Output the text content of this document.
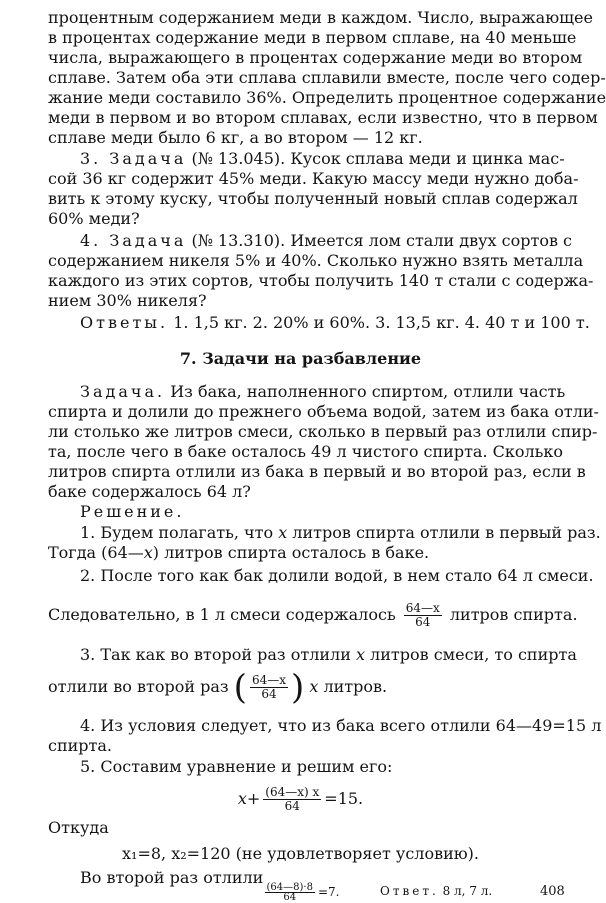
процентным содержанием меди в каждом. Число, выражающее
в процентах содержание меди в первом сплаве, на 40 меньше
числа, выражающего в процентах содержание меди во втором
сплаве. Затем оба эти сплава сплавили вместе, после чего содер-
жание меди составило 36%. Определить процентное содержание
меди в первом и во втором сплавах, если известно, что в первом
сплаве меди было 6 кг, а во втором — 12 кг.
3. Задача (№ 13.045). Кусок сплава меди и цинка мас-
сой 36 кг содержит 45% меди. Какую массу меди нужно доба-
вить к этому куску, чтобы полученный новый сплав содержал
60% меди?
4. Задача (№ 13.310). Имеется лом стали двух сортов с
содержанием никеля 5% и 40%. Сколько нужно взять металла
каждого из этих сортов, чтобы получить 140 т стали с содержа-
нием 30% никеля?
Ответы. 1. 1,5 кг. 2. 20% и 60%. 3. 13,5 кг. 4. 40 т и 100 т.
7. Задачи на разбавление
Задача. Из бака, наполненного спиртом, отлили часть
спирта и долили до прежнего объема водой, затем из бака отли-
ли столько же литров смеси, сколько в первый раз отлили спир-
та, после чего в баке осталось 49 л чистого спирта. Сколько
литров спирта отлили из бака в первый и во второй раз, если в
баке содержалось 64 л?
Решение.
1. Будем полагать, что x литров спирта отлили в первый раз.
Тогда (64—x) литров спирта осталось в баке.
2. После того как бак долили водой, в нем стало 64 л смеси.
Следовательно, в 1 л смеси содержалось $\frac{64—x}{64}$ литров спирта.
3. Так как во второй раз отлили x литров смеси, то спирта
отлили во второй раз ( $\frac{64—x}{64}$ ) x литров.
4. Из условия следует, что из бака всего отлили 64—49=15 л
спирта.
5. Составим уравнение и решим его:
$x+ \frac{(64—x) x}{64} =15$.
Откуда
x₁=8, x₂=120 (не удовлетворяет условию).
Во второй раз отлили
$\frac{(64—8)\cdot 8}{64} =7$.	Ответ. 8 л, 7 л.	408
